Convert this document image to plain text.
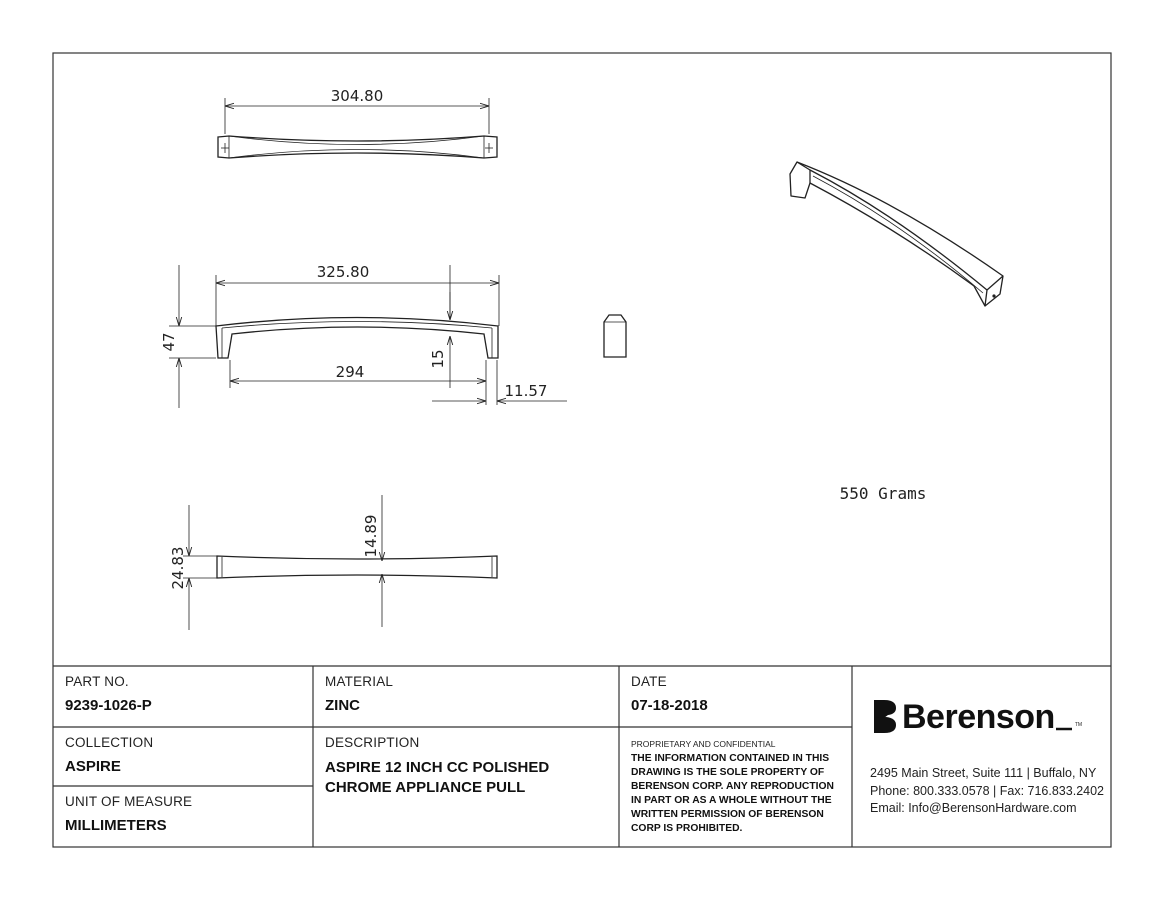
304.80
325.80
47
15
294
11.57
24.83
14.89
550 Grams
PART NO.
9239-1026-P
MATERIAL
ZINC
DATE
07-18-2018
COLLECTION
ASPIRE
UNIT OF MEASURE
MILLIMETERS
DESCRIPTION
ASPIRE 12 INCH CC POLISHED CHROME APPLIANCE PULL
PROPRIETARY AND CONFIDENTIAL
THE INFORMATION CONTAINED IN THIS DRAWING IS THE SOLE PROPERTY OF BERENSON CORP. ANY REPRODUCTION IN PART OR AS A WHOLE WITHOUT THE WRITTEN PERMISSION OF BERENSON CORP IS PROHIBITED.
Berenson	TM
2495 Main Street, Suite 111 | Buffalo, NY
Phone: 800.333.0578 | Fax: 716.833.2402
Email: Info@BerensonHardware.com
